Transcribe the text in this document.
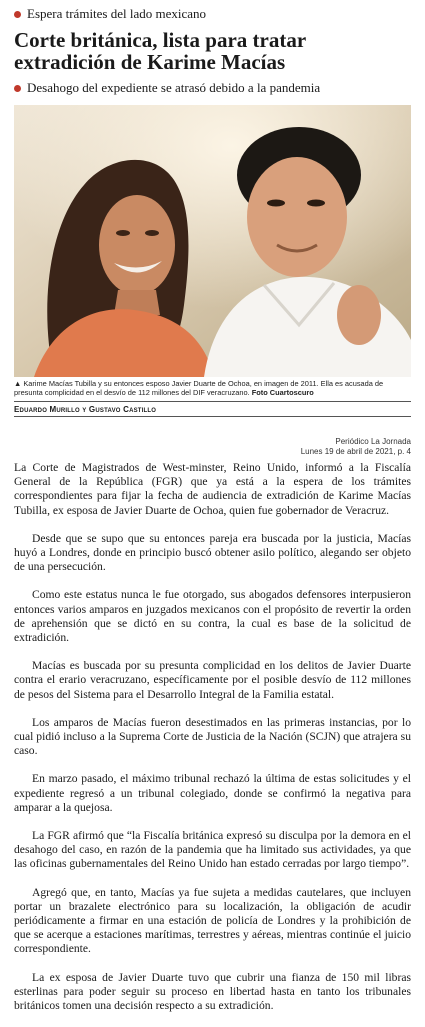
Espera trámites del lado mexicano
Corte británica, lista para tratar extradición de Karime Macías
Desahogo del expediente se atrasó debido a la pandemia
▲ Karime Macías Tubilla y su entonces esposo Javier Duarte de Ochoa, en imagen de 2011. Ella es acusada de presunta complicidad en el desvío de 112 millones del DIF veracruzano. Foto Cuartoscuro
Eduardo Murillo y Gustavo Castillo
Periódico La Jornada
Lunes 19 de abril de 2021, p. 4

La Corte de Magistrados de West-minster, Reino Unido, informó a la Fiscalía General de la República (FGR) que ya está a la espera de los trámites correspondientes para fijar la fecha de audiencia de extradición de Karime Macías Tubilla, ex esposa de Javier Duarte de Ochoa, quien fue gobernador de Veracruz.

Desde que se supo que su entonces pareja era buscada por la justicia, Macías huyó a Londres, donde en principio buscó obtener asilo político, alegando ser objeto de una persecución.

Como este estatus nunca le fue otorgado, sus abogados defensores interpusieron entonces varios amparos en juzgados mexicanos con el propósito de revertir la orden de aprehensión que se dictó en su contra, la cual es base de la solicitud de extradición.

Macías es buscada por su presunta complicidad en los delitos de Javier Duarte contra el erario veracruzano, específicamente por el posible desvío de 112 millones de pesos del Sistema para el Desarrollo Integral de la Familia estatal.

Los amparos de Macías fueron desestimados en las primeras instancias, por lo cual pidió incluso a la Suprema Corte de Justicia de la Nación (SCJN) que atrajera su caso.

En marzo pasado, el máximo tribunal rechazó la última de estas solicitudes y el expediente regresó a un tribunal colegiado, donde se confirmó la negativa para amparar a la quejosa.

La FGR afirmó que “la Fiscalía británica expresó su disculpa por la demora en el desahogo del caso, en razón de la pandemia que ha limitado sus actividades, ya que las oficinas gubernamentales del Reino Unido han estado cerradas por largo tiempo”.

Agregó que, en tanto, Macías ya fue sujeta a medidas cautelares, que incluyen portar un brazalete electrónico para su localización, la obligación de acudir periódicamente a firmar en una estación de policía de Londres y la prohibición de que se acerque a estaciones marítimas, terrestres y aéreas, mientras continúe el juicio correspondiente.

La ex esposa de Javier Duarte tuvo que cubrir una fianza de 150 mil libras esterlinas para poder seguir su proceso en libertad hasta en tanto los tribunales británicos tomen una decisión respecto a su extradición.
